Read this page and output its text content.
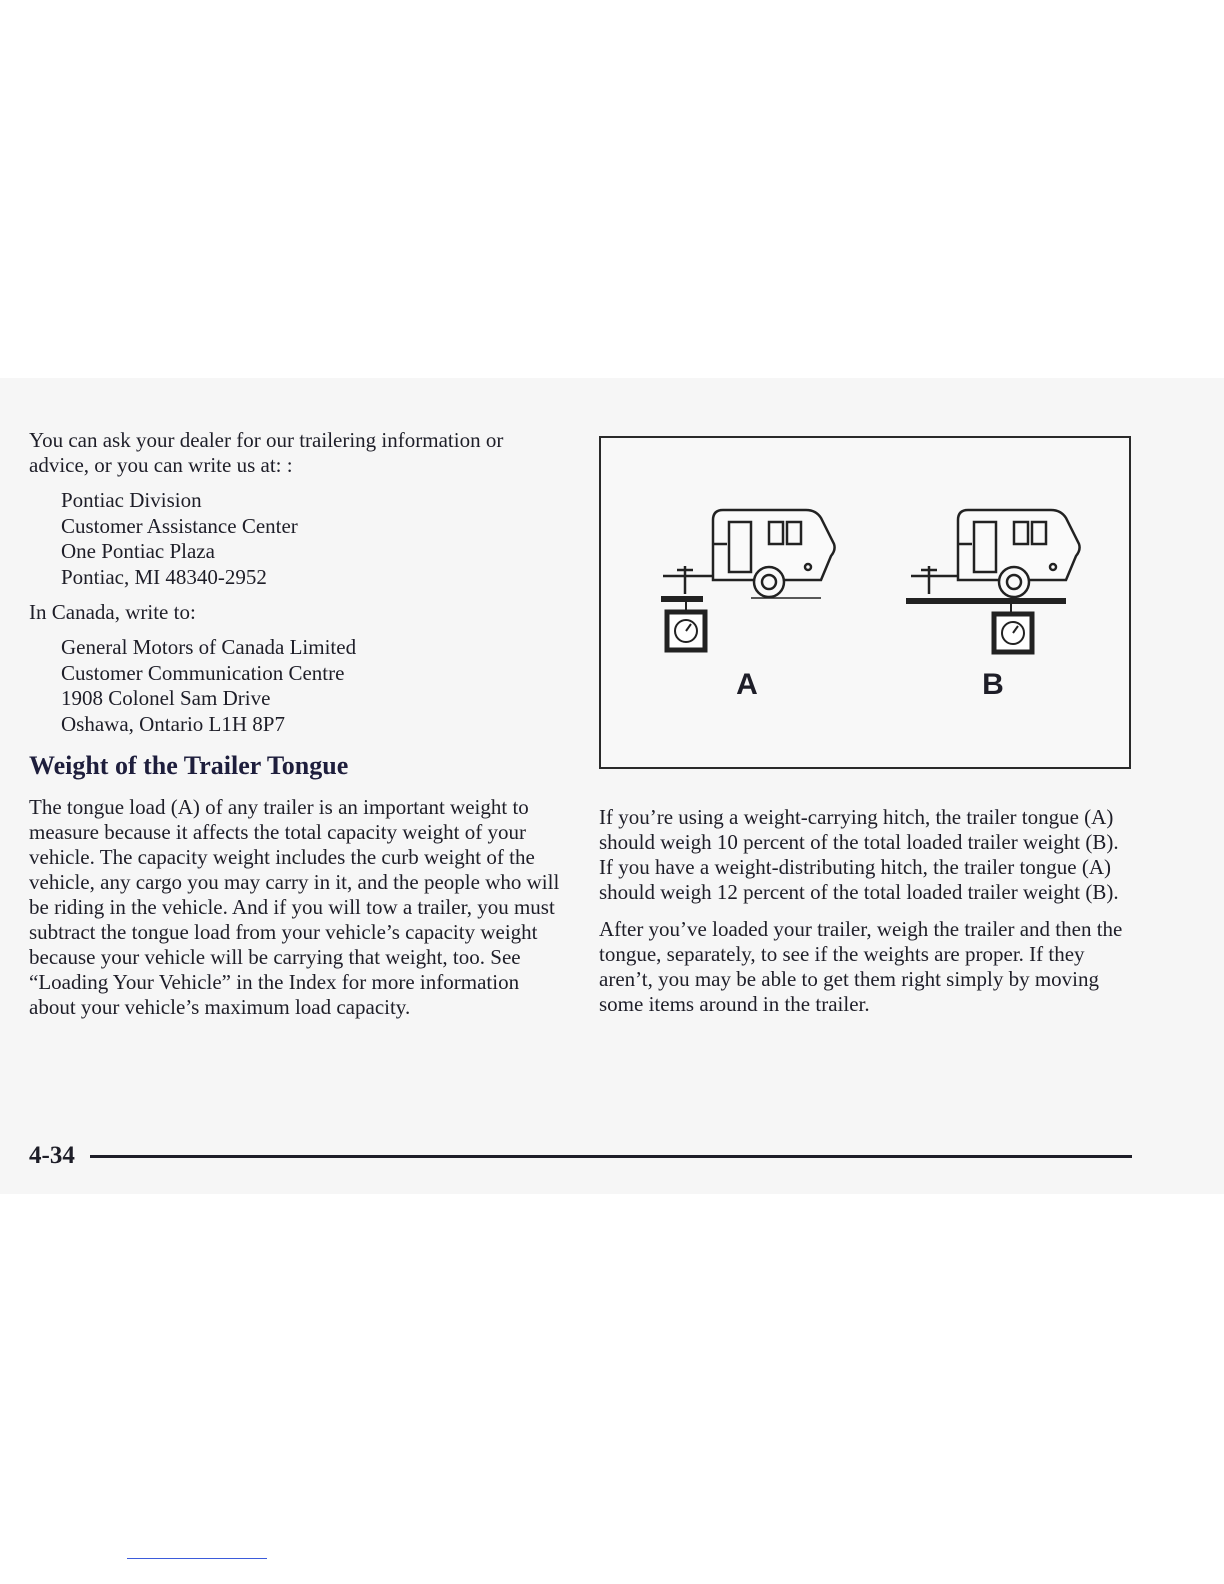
You can ask your dealer for our trailering information or advice, or you can write us at: :

Pontiac Division
Customer Assistance Center
One Pontiac Plaza
Pontiac, MI 48340-2952

In Canada, write to:

General Motors of Canada Limited
Customer Communication Centre
1908 Colonel Sam Drive
Oshawa, Ontario L1H 8P7
Weight of the Trailer Tongue

The tongue load (A) of any trailer is an important weight to measure because it affects the total capacity weight of your vehicle. The capacity weight includes the curb weight of the vehicle, any cargo you may carry in it, and the people who will be riding in the vehicle. And if you will tow a trailer, you must subtract the tongue load from your vehicle’s capacity weight because your vehicle will be carrying that weight, too. See “Loading Your Vehicle” in the Index for more information about your vehicle’s maximum load capacity.

A	B

If you’re using a weight-carrying hitch, the trailer tongue (A) should weigh 10 percent of the total loaded trailer weight (B). If you have a weight-distributing hitch, the trailer tongue (A) should weigh 12 percent of the total loaded trailer weight (B).

After you’ve loaded your trailer, weigh the trailer and then the tongue, separately, to see if the weights are proper. If they aren’t, you may be able to get them right simply by moving some items around in the trailer.

4-34
